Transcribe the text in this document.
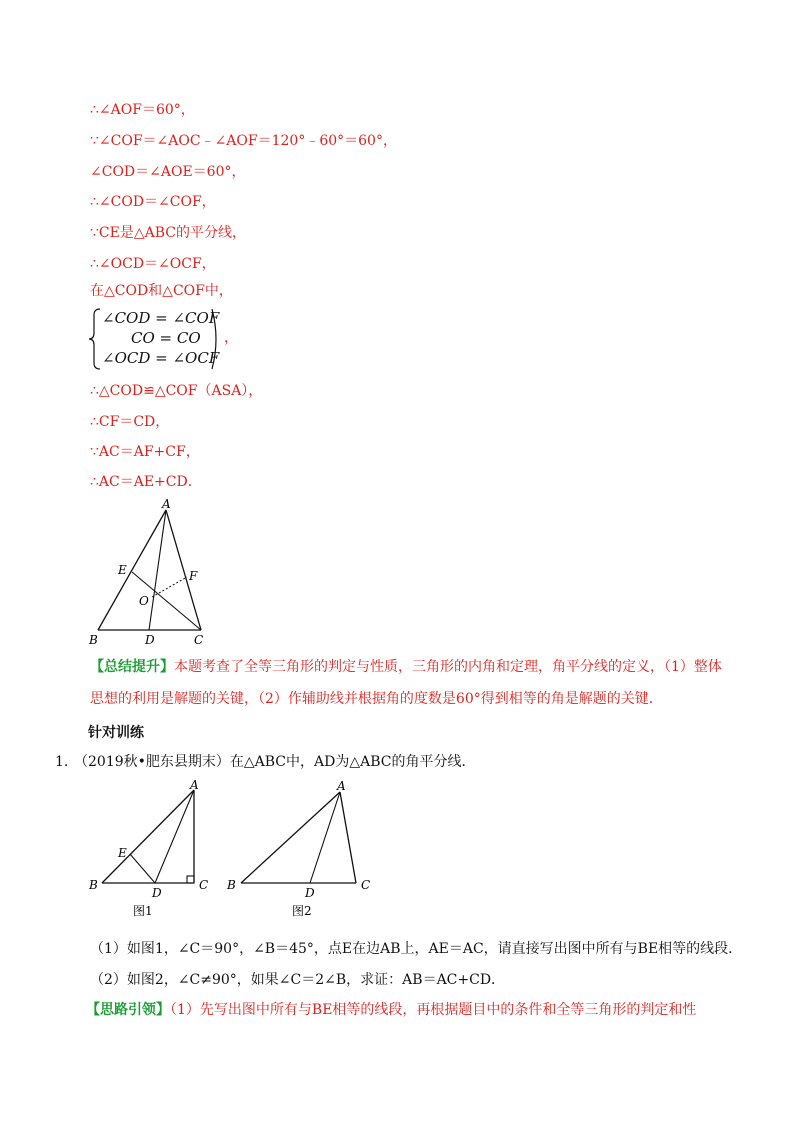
∴∠AOF＝60°，
∵∠COF＝∠AOC﹣∠AOF＝120°﹣60°＝60°，
∠COD＝∠AOE＝60°，
∴∠COD＝∠COF，
∵CE是△ABC的平分线，
∴∠OCD＝∠OCF，
在△COD和△COF中，
∠COD = ∠COF
CO = CO
∠OCD = ∠OCF
，
∴△COD≌△COF（ASA），
∴CF＝CD，
∵AC＝AF+CF，
∴AC＝AE+CD．
A
B	C
D
E	F
O
【总结提升】本题考查了全等三角形的判定与性质，三角形的内角和定理，角平分线的定义，（1）整体思想的利用是解题的关键，（2）作辅助线并根据角的度数是60°得到相等的角是解题的关键．
针对训练
1. （2019秋•肥东县期末）在△ABC中，AD为△ABC的角平分线．
A
B	C
D
E
图1
A
B	C
D
图2
（1）如图1，∠C＝90°，∠B＝45°，点E在边AB上，AE＝AC，请直接写出图中所有与BE相等的线段．
（2）如图2，∠C≠90°，如果∠C＝2∠B，求证：AB＝AC+CD．
【思路引领】（1）先写出图中所有与BE相等的线段，再根据题目中的条件和全等三角形的判定和性
